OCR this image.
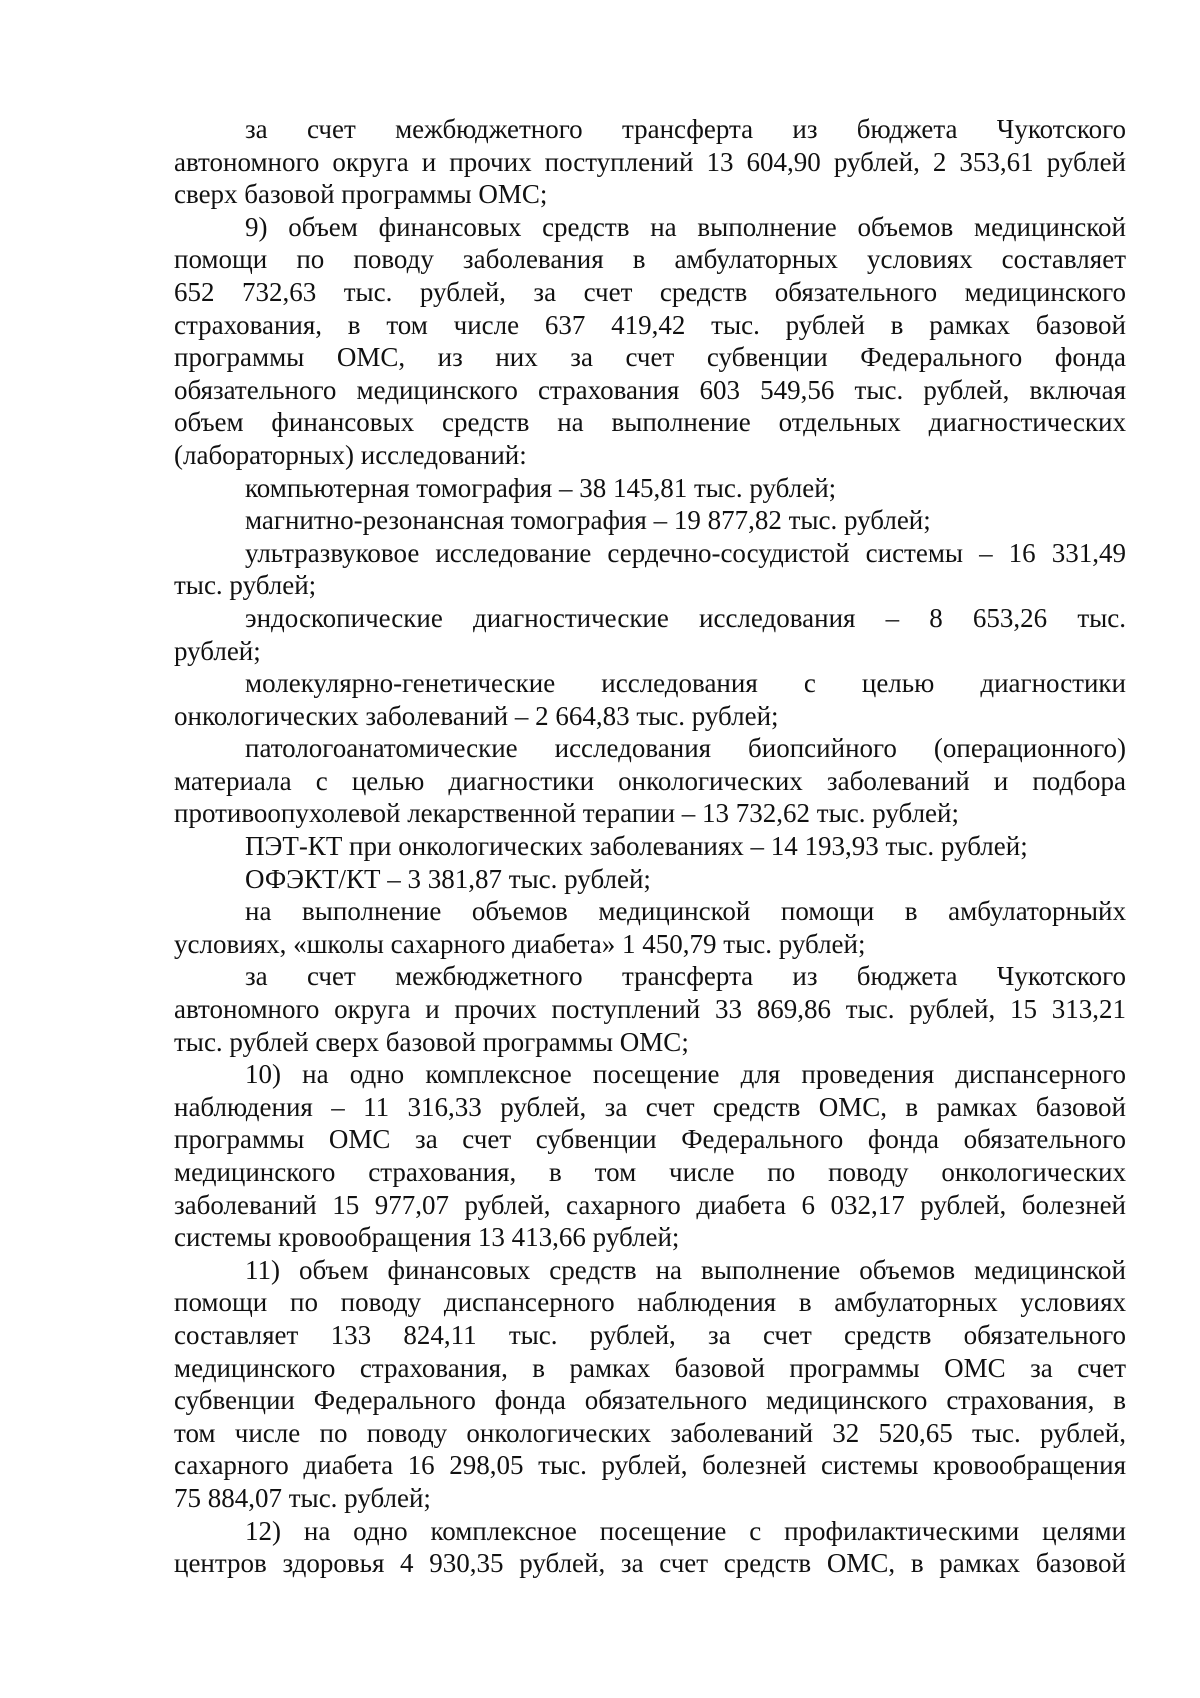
за счет межбюджетного трансферта из бюджета Чукотского
автономного округа и прочих поступлений 13 604,90 рублей, 2 353,61 рублей
сверх базовой программы ОМС;
9) объем финансовых средств на выполнение объемов медицинской
помощи по поводу заболевания в амбулаторных условиях составляет
652 732,63 тыс. рублей, за счет средств обязательного медицинского
страхования, в том числе 637 419,42 тыс. рублей в рамках базовой
программы ОМС, из них за счет субвенции Федерального фонда
обязательного медицинского страхования 603 549,56 тыс. рублей, включая
объем финансовых средств на выполнение отдельных диагностических
(лабораторных) исследований:
компьютерная томография – 38 145,81 тыс. рублей;
магнитно-резонансная томография – 19 877,82 тыс. рублей;
ультразвуковое исследование сердечно-сосудистой системы – 16 331,49
тыс. рублей;
эндоскопические диагностические исследования – 8 653,26 тыс.
рублей;
молекулярно-генетические исследования с целью диагностики
онкологических заболеваний – 2 664,83 тыс. рублей;
патологоанатомические исследования биопсийного (операционного)
материала с целью диагностики онкологических заболеваний и подбора
противоопухолевой лекарственной терапии – 13 732,62 тыс. рублей;
ПЭТ-КТ при онкологических заболеваниях – 14 193,93 тыс. рублей;
ОФЭКТ/КТ – 3 381,87 тыс. рублей;
на выполнение объемов медицинской помощи в амбулаторныйх
условиях, «школы сахарного диабета» 1 450,79 тыс. рублей;
за счет межбюджетного трансферта из бюджета Чукотского
автономного округа и прочих поступлений 33 869,86 тыс. рублей, 15 313,21
тыс. рублей сверх базовой программы ОМС;
10) на одно комплексное посещение для проведения диспансерного
наблюдения – 11 316,33 рублей, за счет средств ОМС, в рамках базовой
программы ОМС за счет субвенции Федерального фонда обязательного
медицинского страхования, в том числе по поводу онкологических
заболеваний 15 977,07 рублей, сахарного диабета 6 032,17 рублей, болезней
системы кровообращения 13 413,66 рублей;
11) объем финансовых средств на выполнение объемов медицинской
помощи по поводу диспансерного наблюдения в амбулаторных условиях
составляет 133 824,11 тыс. рублей, за счет средств обязательного
медицинского страхования, в рамках базовой программы ОМС за счет
субвенции Федерального фонда обязательного медицинского страхования, в
том числе по поводу онкологических заболеваний 32 520,65 тыс. рублей,
сахарного диабета 16 298,05 тыс. рублей, болезней системы кровообращения
75 884,07 тыс. рублей;
12) на одно комплексное посещение с профилактическими целями
центров здоровья 4 930,35 рублей, за счет средств ОМС, в рамках базовой
